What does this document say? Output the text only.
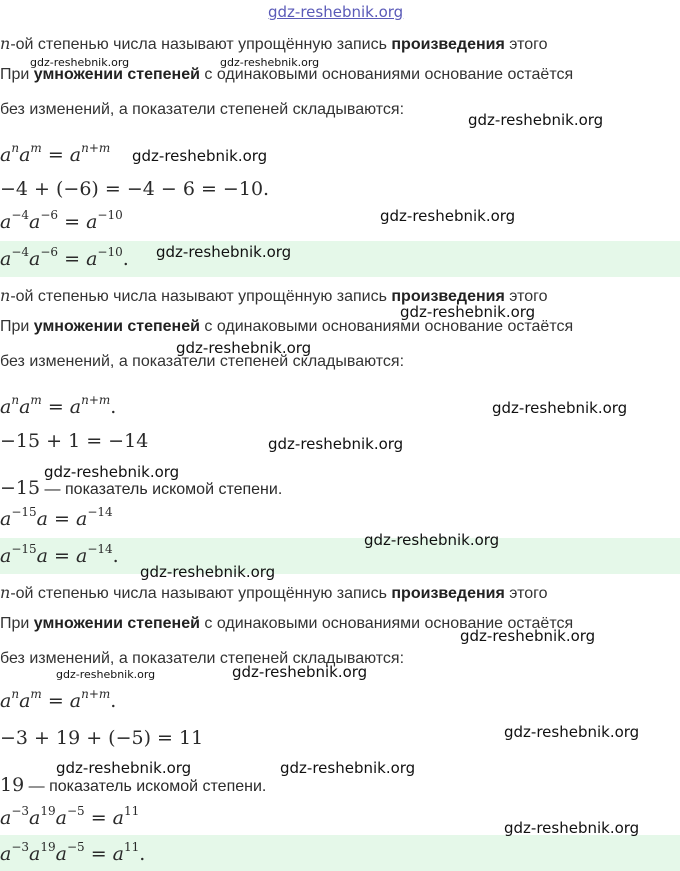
n-ой степенью числа называют упрощённую запись произведения этого
При умножении степеней с одинаковыми основаниями основание остаётся
без изменений, а показатели степеней складываются:
$a^na^m = a^{n+m}$
−4 + (−6) = −4 − 6 = −10.
$a^{-4}a^{-6} = a^{-10}$
$a^{-4}a^{-6} = a^{-10}$.
n-ой степенью числа называют упрощённую запись произведения этого
При умножении степеней с одинаковыми основаниями основание остаётся
без изменений, а показатели степеней складываются:
$a^na^m = a^{n+m}$.
−15 + 1 = −14
−15 — показатель искомой степени.
$a^{-15}a = a^{-14}$
$a^{-15}a = a^{-14}$.
n-ой степенью числа называют упрощённую запись произведения этого
При умножении степеней с одинаковыми основаниями основание остаётся
без изменений, а показатели степеней складываются:
$a^na^m = a^{n+m}$.
−3 + 19 + (−5) = 11
19 — показатель искомой степени.
$a^{-3}a^{19}a^{-5} = a^{11}$
$a^{-3}a^{19}a^{-5} = a^{11}$.
gdz-reshebnik.org
gdz-reshebnik.org	gdz-reshebnik.org
gdz-reshebnik.org
gdz-reshebnik.org
gdz-reshebnik.org
gdz-reshebnik.org
gdz-reshebnik.org
gdz-reshebnik.org
gdz-reshebnik.org
gdz-reshebnik.org
gdz-reshebnik.org
gdz-reshebnik.org
gdz-reshebnik.org
gdz-reshebnik.org
gdz-reshebnik.org	gdz-reshebnik.org
gdz-reshebnik.org
gdz-reshebnik.org	gdz-reshebnik.org
gdz-reshebnik.org
